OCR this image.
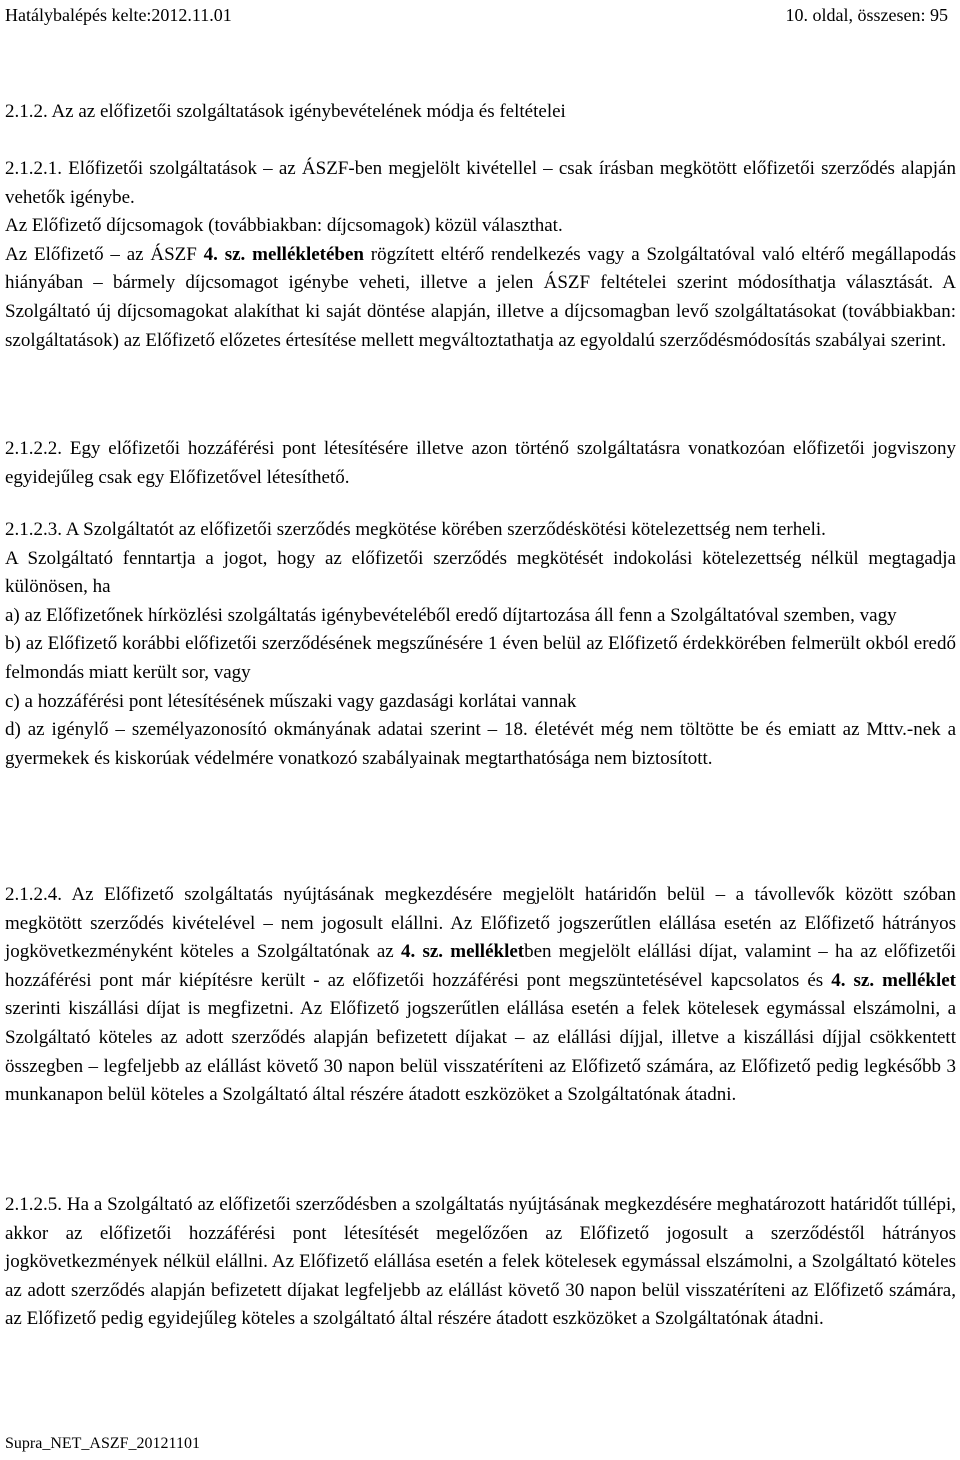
Hatálybalépés kelte:2012.11.01	10. oldal, összesen: 95

2.1.2. Az az előfizetői szolgáltatások igénybevételének módja és feltételei

2.1.2.1. Előfizetői szolgáltatások – az ÁSZF-ben megjelölt kivétellel – csak írásban megkötött előfizetői szerződés alapján vehetők igénybe.

Az Előfizető díjcsomagok (továbbiakban: díjcsomagok) közül választhat.

Az Előfizető – az ÁSZF 4. sz. mellékletében rögzített eltérő rendelkezés vagy a Szolgáltatóval való eltérő megállapodás hiányában – bármely díjcsomagot igénybe veheti, illetve a jelen ÁSZF feltételei szerint módosíthatja választását. A Szolgáltató új díjcsomagokat alakíthat ki saját döntése alapján, illetve a díjcsomagban levő szolgáltatásokat (továbbiakban: szolgáltatások) az Előfizető előzetes értesítése mellett megváltoztathatja az egyoldalú szerződésmódosítás szabályai szerint.

2.1.2.2. Egy előfizetői hozzáférési pont létesítésére illetve azon történő szolgáltatásra vonatkozóan előfizetői jogviszony egyidejűleg csak egy Előfizetővel létesíthető.

2.1.2.3. A Szolgáltatót az előfizetői szerződés megkötése körében szerződéskötési kötelezettség nem terheli.

A Szolgáltató fenntartja a jogot, hogy az előfizetői szerződés megkötését indokolási kötelezettség nélkül megtagadja különösen, ha

a) az Előfizetőnek hírközlési szolgáltatás igénybevételéből eredő díjtartozása áll fenn a Szolgáltatóval szemben, vagy

b) az Előfizető korábbi előfizetői szerződésének megszűnésére 1 éven belül az Előfizető érdekkörében felmerült okból eredő felmondás miatt került sor, vagy

c) a hozzáférési pont létesítésének műszaki vagy gazdasági korlátai vannak

d) az igénylő – személyazonosító okmányának adatai szerint – 18. életévét még nem töltötte be és emiatt az Mttv.-nek a gyermekek és kiskorúak védelmére vonatkozó szabályainak megtarthatósága nem biztosított.

2.1.2.4. Az Előfizető szolgáltatás nyújtásának megkezdésére megjelölt határidőn belül – a távollevők között szóban megkötött szerződés kivételével – nem jogosult elállni. Az Előfizető jogszerűtlen elállása esetén az Előfizető hátrányos jogkövetkezményként köteles a Szolgáltatónak az 4. sz. mellékletben megjelölt elállási díjat, valamint – ha az előfizetői hozzáférési pont már kiépítésre került - az előfizetői hozzáférési pont megszüntetésével kapcsolatos és 4. sz. melléklet szerinti kiszállási díjat is megfizetni. Az Előfizető jogszerűtlen elállása esetén a felek kötelesek egymással elszámolni, a Szolgáltató köteles az adott szerződés alapján befizetett díjakat – az elállási díjjal, illetve a kiszállási díjjal csökkentett összegben – legfeljebb az elállást követő 30 napon belül visszatéríteni az Előfizető számára, az Előfizető pedig legkésőbb 3 munkanapon belül köteles a Szolgáltató által részére átadott eszközöket a Szolgáltatónak átadni.

2.1.2.5. Ha a Szolgáltató az előfizetői szerződésben a szolgáltatás nyújtásának megkezdésére meghatározott határidőt túllépi, akkor az előfizetői hozzáférési pont létesítését megelőzően az Előfizető jogosult a szerződéstől hátrányos jogkövetkezmények nélkül elállni. Az Előfizető elállása esetén a felek kötelesek egymással elszámolni, a Szolgáltató köteles az adott szerződés alapján befizetett díjakat legfeljebb az elállást követő 30 napon belül visszatéríteni az Előfizető számára, az Előfizető pedig egyidejűleg köteles a szolgáltató által részére átadott eszközöket a Szolgáltatónak átadni.

Supra_NET_ASZF_20121101
